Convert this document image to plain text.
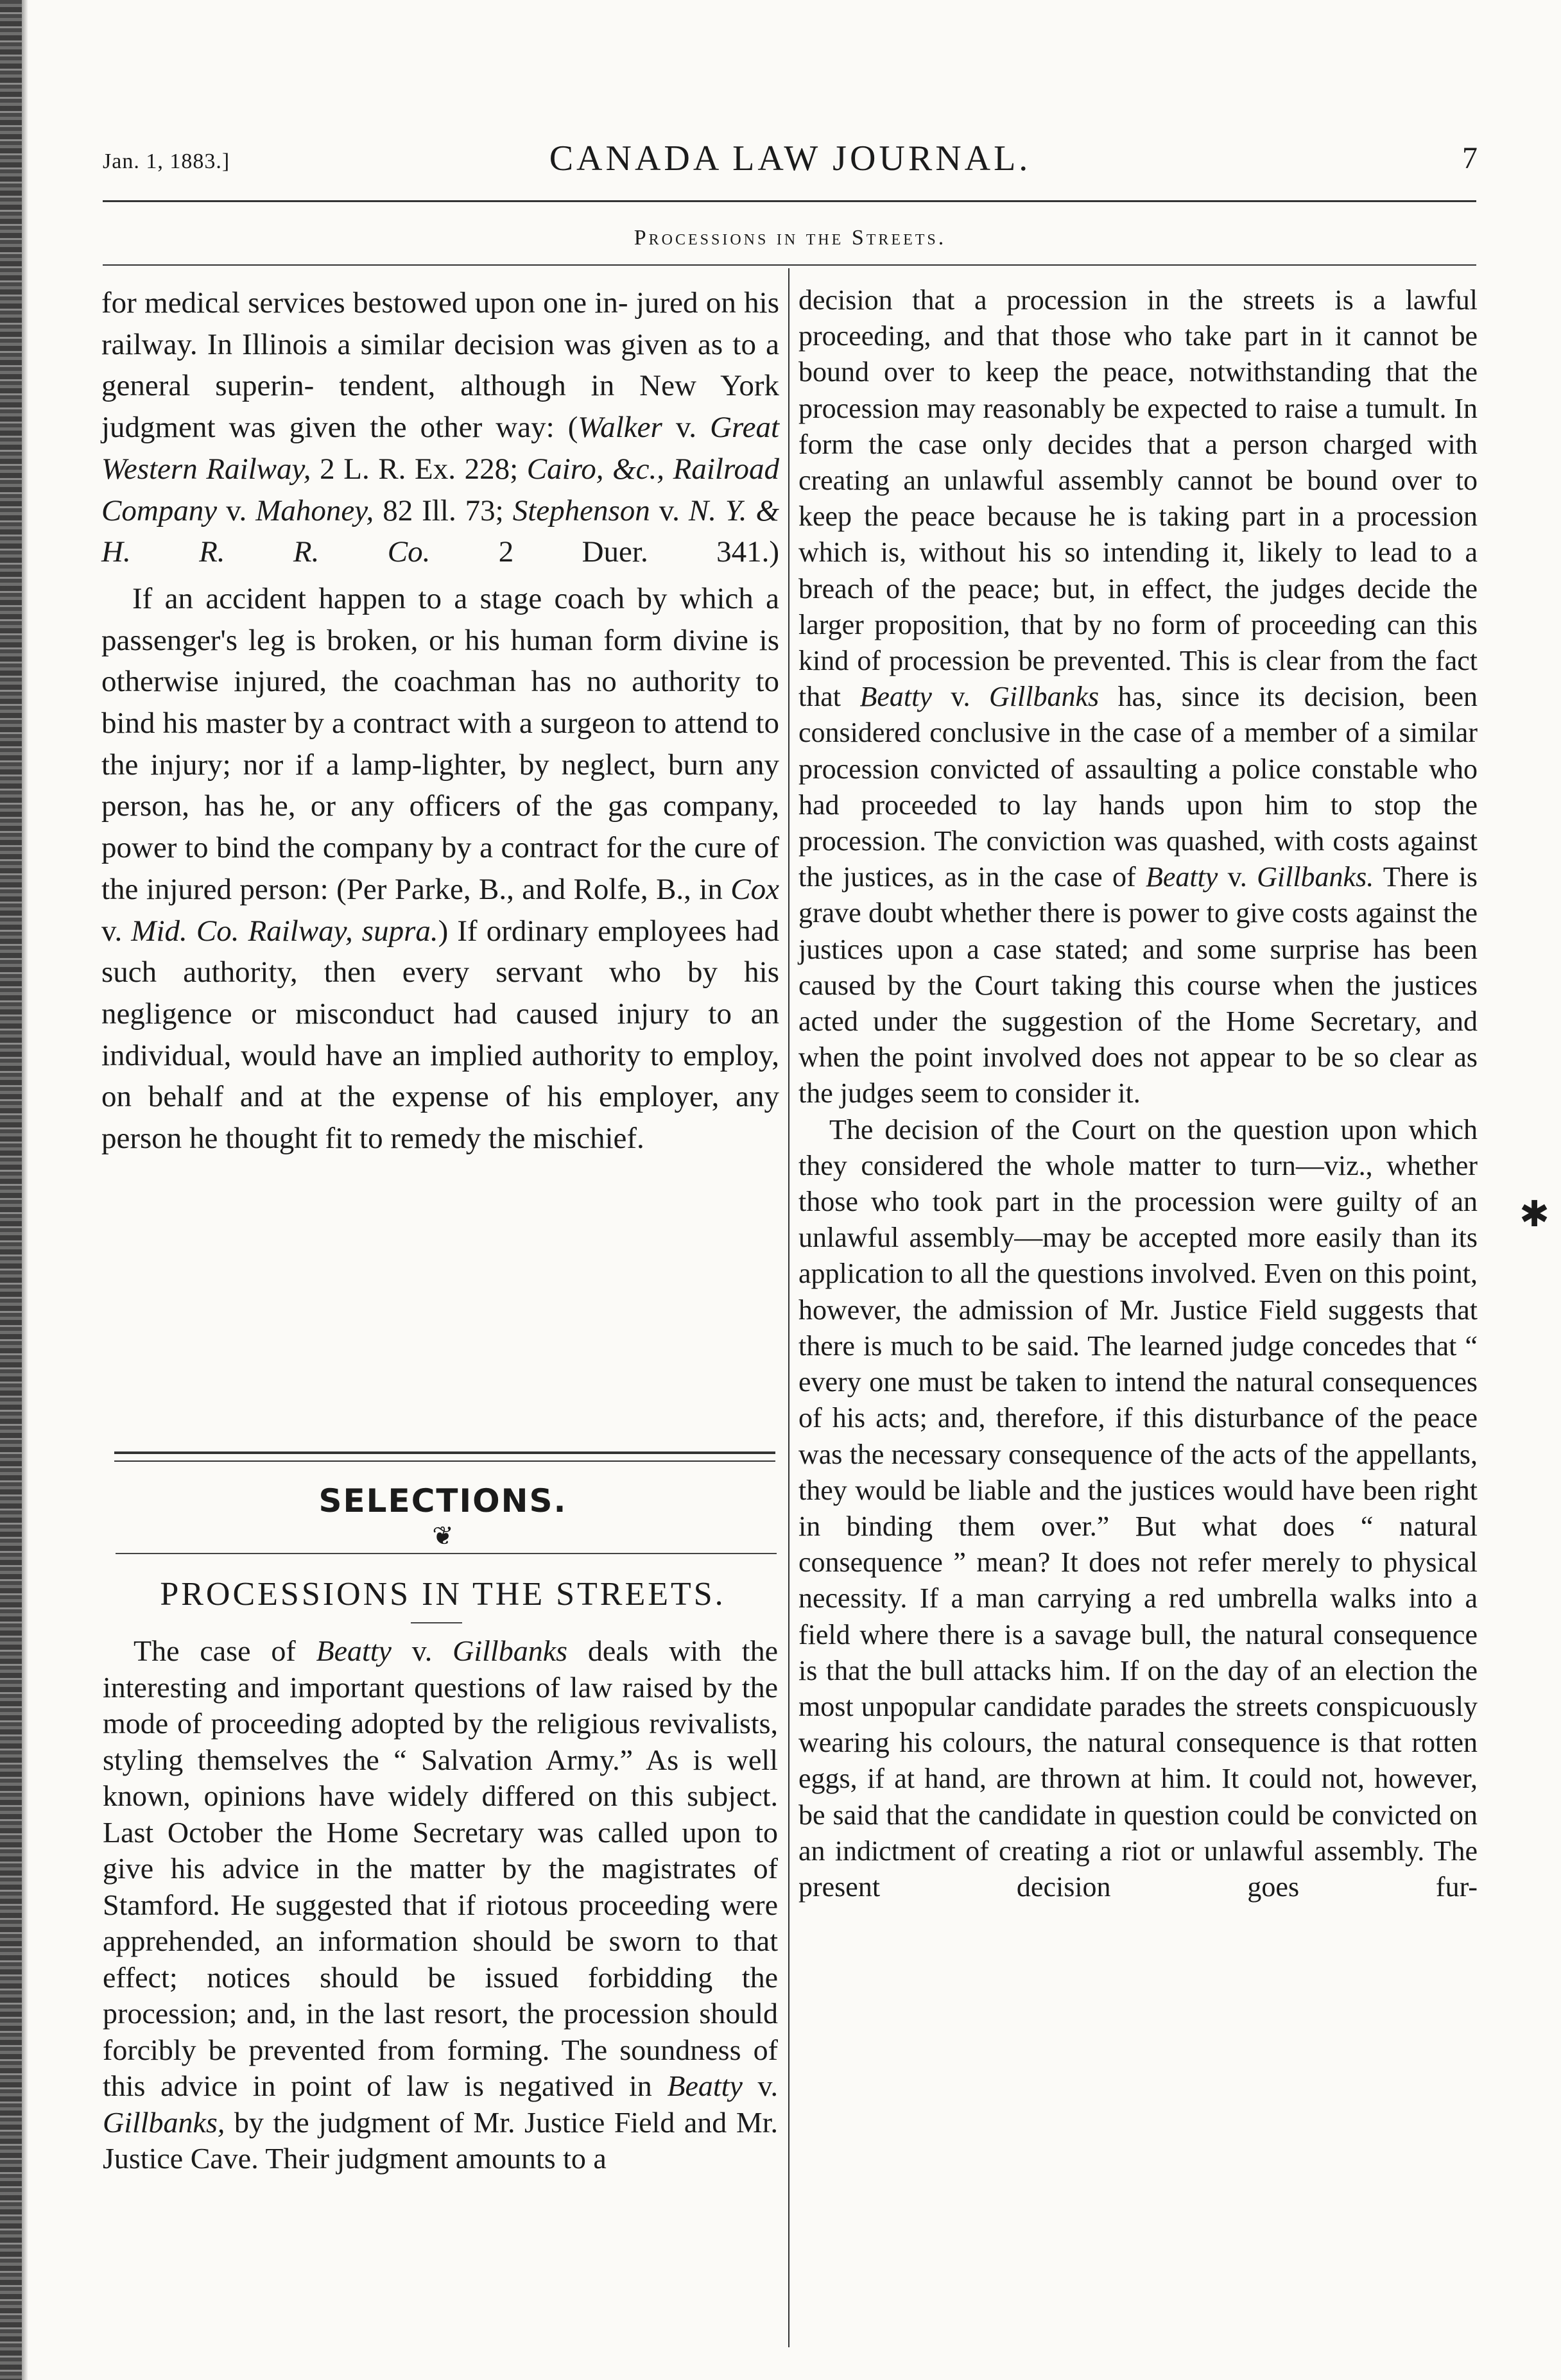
Jan. 1, 1883.]	CANADA LAW JOURNAL.	7
Processions in the Streets.

for medical services bestowed upon one in- jured on his railway. In Illinois a similar decision was given as to a general superin- tendent, although in New York judgment was given the other way: (Walker v. Great Western Railway, 2 L. R. Ex. 228; Cairo, &c., Railroad Company v. Mahoney, 82 Ill. 73; Stephenson v. N. Y. & H. R. R. Co. 2 Duer. 341.)

If an accident happen to a stage coach by which a passenger's leg is broken, or his human form divine is otherwise injured, the coachman has no authority to bind his master by a contract with a surgeon to attend to the injury; nor if a lamp-lighter, by neglect, burn any person, has he, or any officers of the gas company, power to bind the company by a contract for the cure of the injured person: (Per Parke, B., and Rolfe, B., in Cox v. Mid. Co. Railway, supra.) If ordinary employees had such authority, then every servant who by his negligence or misconduct had caused injury to an individual, would have an implied authority to employ, on behalf and at the expense of his employer, any person he thought fit to remedy the mischief.

SELECTIONS.
❦
PROCESSIONS IN THE STREETS.

The case of Beatty v. Gillbanks deals with the interesting and important questions of law raised by the mode of proceeding adopted by the religious revivalists, styling themselves the “ Salvation Army.” As is well known, opinions have widely differed on this subject. Last October the Home Secretary was called upon to give his advice in the matter by the magistrates of Stamford. He suggested that if riotous proceeding were apprehended, an information should be sworn to that effect; notices should be issued forbidding the procession; and, in the last resort, the procession should forcibly be prevented from forming. The soundness of this advice in point of law is negatived in Beatty v. Gillbanks, by the judgment of Mr. Justice Field and Mr. Justice Cave. Their judgment amounts to a

decision that a procession in the streets is a lawful proceeding, and that those who take part in it cannot be bound over to keep the peace, notwithstanding that the procession may reasonably be expected to raise a tumult. In form the case only decides that a person charged with creating an unlawful assembly cannot be bound over to keep the peace because he is taking part in a procession which is, without his so intending it, likely to lead to a breach of the peace; but, in effect, the judges decide the larger proposition, that by no form of proceeding can this kind of procession be prevented. This is clear from the fact that Beatty v. Gillbanks has, since its decision, been considered conclusive in the case of a member of a similar procession convicted of assaulting a police constable who had proceeded to lay hands upon him to stop the procession. The conviction was quashed, with costs against the justices, as in the case of Beatty v. Gillbanks. There is grave doubt whether there is power to give costs against the justices upon a case stated; and some surprise has been caused by the Court taking this course when the justices acted under the suggestion of the Home Secretary, and when the point involved does not appear to be so clear as the judges seem to consider it.

The decision of the Court on the question upon which they considered the whole matter to turn—viz., whether those who took part in the procession were guilty of an unlawful assembly—may be accepted more easily than its application to all the questions involved. Even on this point, however, the admission of Mr. Justice Field suggests that there is much to be said. The learned judge concedes that “ every one must be taken to intend the natural consequences of his acts; and, therefore, if this disturbance of the peace was the necessary consequence of the acts of the appellants, they would be liable and the justices would have been right in binding them over.” But what does “ natural consequence ” mean? It does not refer merely to physical necessity. If a man carrying a red umbrella walks into a field where there is a savage bull, the natural consequence is that the bull attacks him. If on the day of an election the most unpopular candidate parades the streets conspicuously wearing his colours, the natural consequence is that rotten eggs, if at hand, are thrown at him. It could not, however, be said that the candidate in question could be convicted on an indictment of creating a riot or unlawful assembly. The present decision goes fur-

✱
